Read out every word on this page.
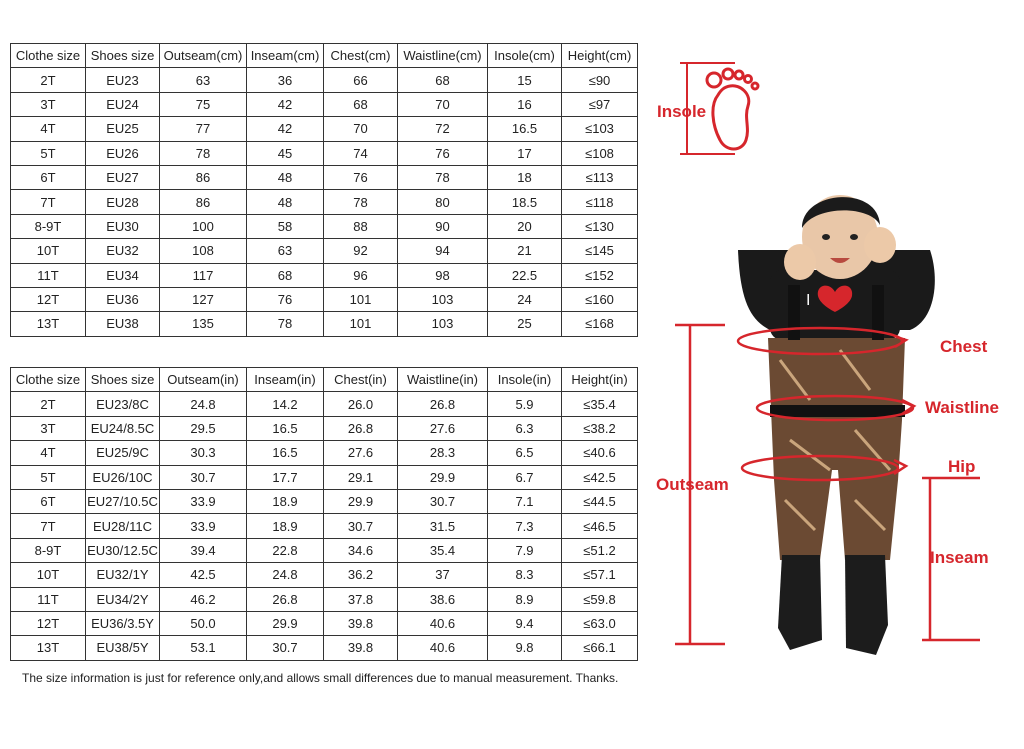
Clothe size	Shoes size	Outseam(cm)	Inseam(cm)	Chest(cm)	Waistline(cm)	Insole(cm)	Height(cm)
2T	EU23	63	36	66	68	15	≤90
3T	EU24	75	42	68	70	16	≤97
4T	EU25	77	42	70	72	16.5	≤103
5T	EU26	78	45	74	76	17	≤108
6T	EU27	86	48	76	78	18	≤113
7T	EU28	86	48	78	80	18.5	≤118
8-9T	EU30	100	58	88	90	20	≤130
10T	EU32	108	63	92	94	21	≤145
11T	EU34	117	68	96	98	22.5	≤152
12T	EU36	127	76	101	103	24	≤160
13T	EU38	135	78	101	103	25	≤168
Clothe size	Shoes size	Outseam(in)	Inseam(in)	Chest(in)	Waistline(in)	Insole(in)	Height(in)
2T	EU23/8C	24.8	14.2	26.0	26.8	5.9	≤35.4
3T	EU24/8.5C	29.5	16.5	26.8	27.6	6.3	≤38.2
4T	EU25/9C	30.3	16.5	27.6	28.3	6.5	≤40.6
5T	EU26/10C	30.7	17.7	29.1	29.9	6.7	≤42.5
6T	EU27/10.5C	33.9	18.9	29.9	30.7	7.1	≤44.5
7T	EU28/11C	33.9	18.9	30.7	31.5	7.3	≤46.5
8-9T	EU30/12.5C	39.4	22.8	34.6	35.4	7.9	≤51.2
10T	EU32/1Y	42.5	24.8	36.2	37	8.3	≤57.1
11T	EU34/2Y	46.2	26.8	37.8	38.6	8.9	≤59.8
12T	EU36/3.5Y	50.0	29.9	39.8	40.6	9.4	≤63.0
13T	EU38/5Y	53.1	30.7	39.8	40.6	9.8	≤66.1
The size information is just for reference only,and allows small differences due to manual measurement. Thanks.
I
Insole
Chest
Waistline
Hip
Outseam
Inseam
